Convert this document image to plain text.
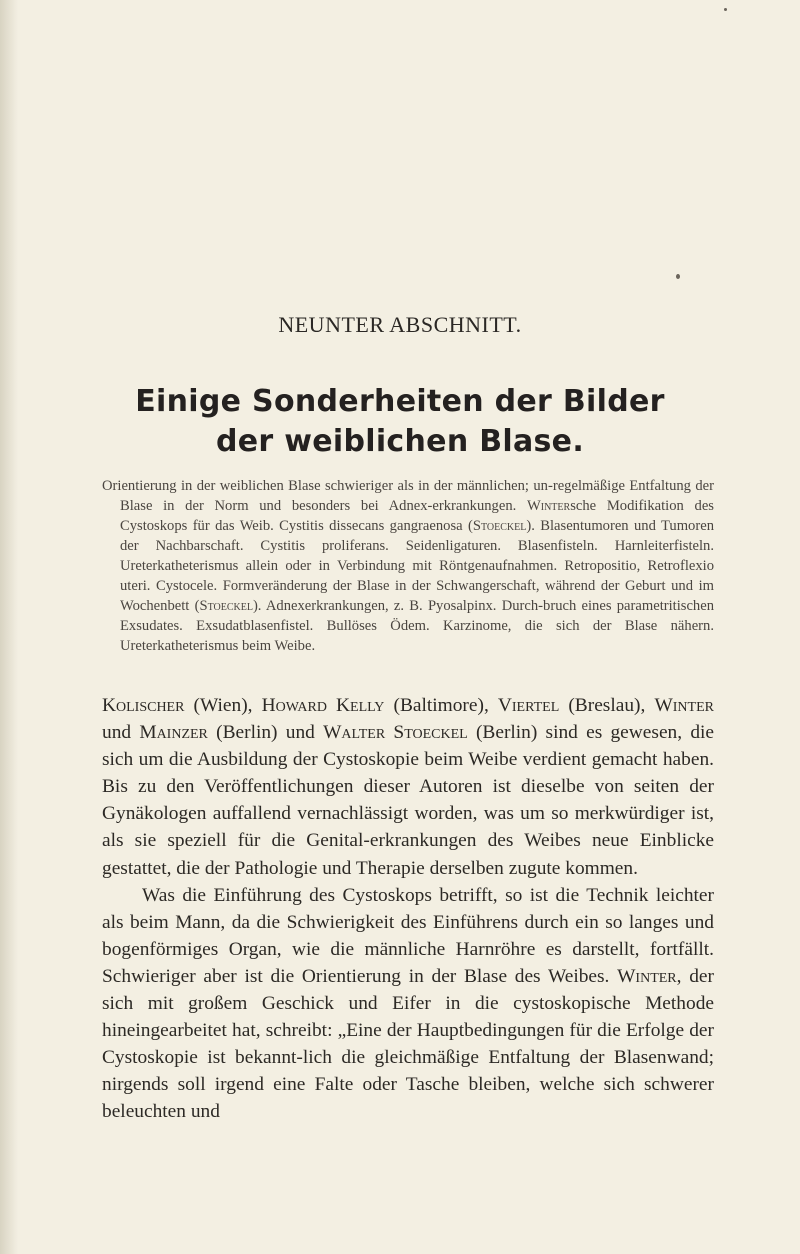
NEUNTER ABSCHNITT.
Einige Sonderheiten der Bilder
der weiblichen Blase.

Orientierung in der weiblichen Blase schwieriger als in der männlichen; un-regelmäßige Entfaltung der Blase in der Norm und besonders bei Adnex-erkrankungen. Wintersche Modifikation des Cystoskops für das Weib. Cystitis dissecans gangraenosa (Stoeckel). Blasentumoren und Tumoren der Nachbarschaft. Cystitis proliferans. Seidenligaturen. Blasenfisteln. Harnleiterfisteln. Ureterkatheterismus allein oder in Verbindung mit Röntgenaufnahmen. Retropositio, Retroflexio uteri. Cystocele. Formveränderung der Blase in der Schwangerschaft, während der Geburt und im Wochenbett (Stoeckel). Adnexerkrankungen, z. B. Pyosalpinx. Durch-bruch eines parametritischen Exsudates. Exsudatblasenfistel. Bullöses Ödem. Karzinome, die sich der Blase nähern. Ureterkatheterismus beim Weibe.

Kolischer (Wien), Howard Kelly (Baltimore), Viertel (Breslau), Winter und Mainzer (Berlin) und Walter Stoeckel (Berlin) sind es gewesen, die sich um die Ausbildung der Cystoskopie beim Weibe verdient gemacht haben. Bis zu den Veröffentlichungen dieser Autoren ist dieselbe von seiten der Gynäkologen auffallend vernachlässigt worden, was um so merkwürdiger ist, als sie speziell für die Genital-erkrankungen des Weibes neue Einblicke gestattet, die der Pathologie und Therapie derselben zugute kommen.

Was die Einführung des Cystoskops betrifft, so ist die Technik leichter als beim Mann, da die Schwierigkeit des Einführens durch ein so langes und bogenförmiges Organ, wie die männliche Harnröhre es darstellt, fortfällt. Schwieriger aber ist die Orientierung in der Blase des Weibes. Winter, der sich mit großem Geschick und Eifer in die cystoskopische Methode hineingearbeitet hat, schreibt: „Eine der Hauptbedingungen für die Erfolge der Cystoskopie ist bekannt-lich die gleichmäßige Entfaltung der Blasenwand; nirgends soll irgend eine Falte oder Tasche bleiben, welche sich schwerer beleuchten und
